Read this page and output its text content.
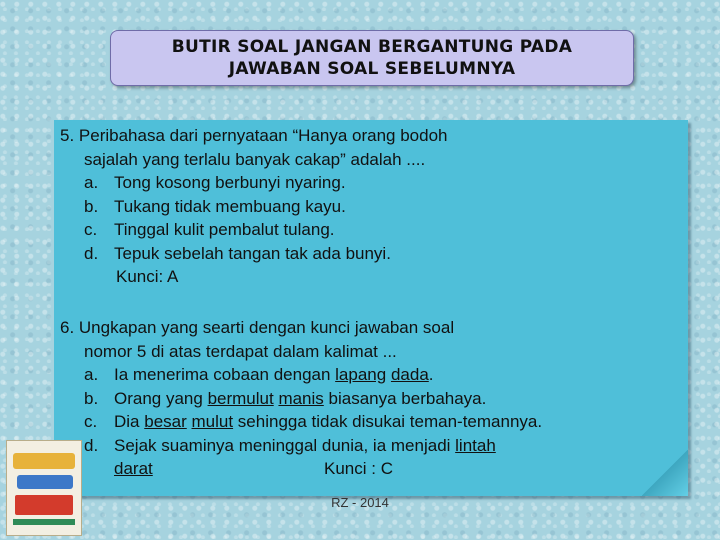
BUTIR SOAL JANGAN BERGANTUNG PADA
JAWABAN SOAL SEBELUMNYA
5. Peribahasa dari pernyataan “Hanya orang bodoh
sajalah yang terlalu banyak cakap” adalah ....
a. Tong kosong berbunyi nyaring.
b. Tukang tidak membuang kayu.
c. Tinggal kulit pembalut tulang.
d. Tepuk sebelah tangan tak ada bunyi.
Kunci: A
6. Ungkapan yang searti dengan kunci jawaban soal
nomor 5 di atas terdapat dalam kalimat ...
a. Ia menerima cobaan dengan lapang dada.
b. Orang yang bermulut manis biasanya berbahaya.
c. Dia besar mulut sehingga tidak disukai teman-temannya.
d. Sejak suaminya meninggal dunia, ia menjadi lintah
darat	Kunci : C
RZ - 2014
